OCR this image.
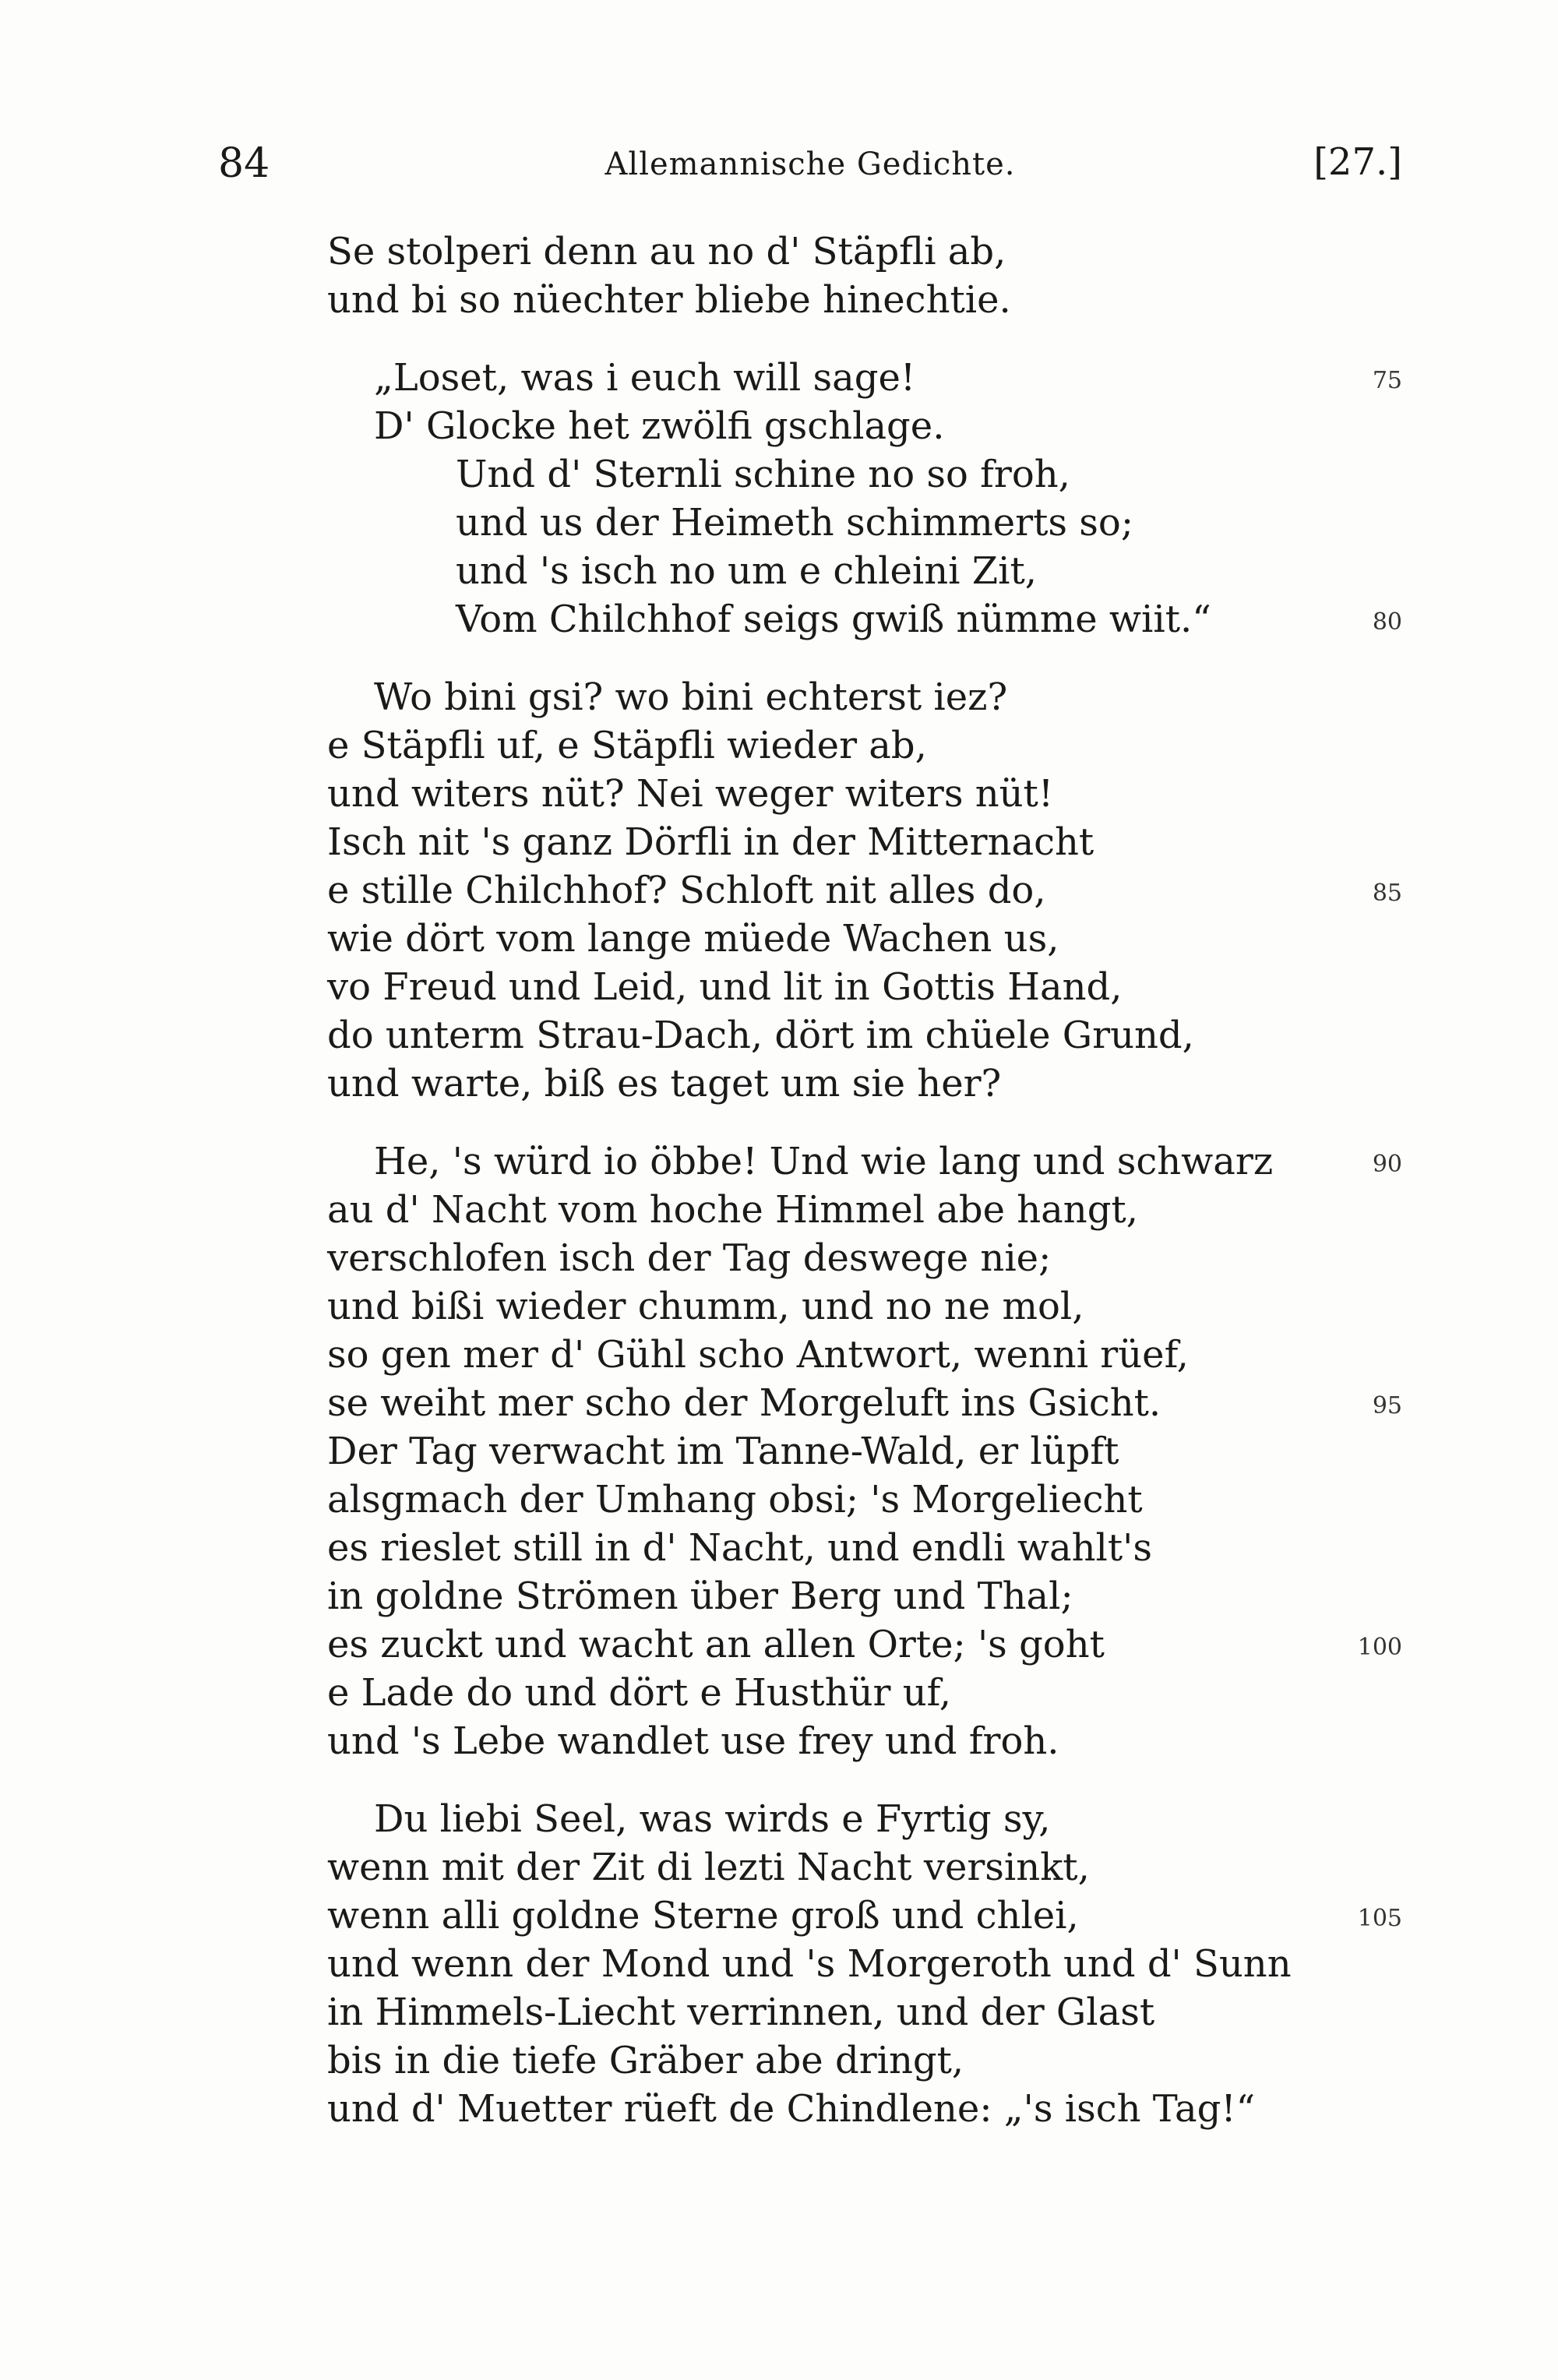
84	Allemannische Gedichte.	[27.]
Se stolperi denn au no d' Stäpfli ab,
und bi so nüechter bliebe hinechtie.
„Loset, was i euch will sage!	75
D' Glocke het zwölfi gschlage.
Und d' Sternli schine no so froh,
und us der Heimeth schimmerts so;
und 's isch no um e chleini Zit,
Vom Chilchhof seigs gwiß nümme wiit.“	80
Wo bini gsi? wo bini echterst iez?
e Stäpfli uf, e Stäpfli wieder ab,
und witers nüt? Nei weger witers nüt!
Isch nit 's ganz Dörfli in der Mitternacht
e stille Chilchhof? Schloft nit alles do,	85
wie dört vom lange müede Wachen us,
vo Freud und Leid, und lit in Gottis Hand,
do unterm Strau-Dach, dört im chüele Grund,
und warte, biß es taget um sie her?
He, 's würd io öbbe! Und wie lang und schwarz	90
au d' Nacht vom hoche Himmel abe hangt,
verschlofen isch der Tag deswege nie;
und bißi wieder chumm, und no ne mol,
so gen mer d' Gühl scho Antwort, wenni rüef,
se weiht mer scho der Morgeluft ins Gsicht.	95
Der Tag verwacht im Tanne-Wald, er lüpft
alsgmach der Umhang obsi; 's Morgeliecht
es rieslet still in d' Nacht, und endli wahlt's
in goldne Strömen über Berg und Thal;
es zuckt und wacht an allen Orte; 's goht	100
e Lade do und dört e Husthür uf,
und 's Lebe wandlet use frey und froh.
Du liebi Seel, was wirds e Fyrtig sy,
wenn mit der Zit di lezti Nacht versinkt,
wenn alli goldne Sterne groß und chlei,	105
und wenn der Mond und 's Morgeroth und d' Sunn
in Himmels-Liecht verrinnen, und der Glast
bis in die tiefe Gräber abe dringt,
und d' Muetter rüeft de Chindlene: „'s isch Tag!“
